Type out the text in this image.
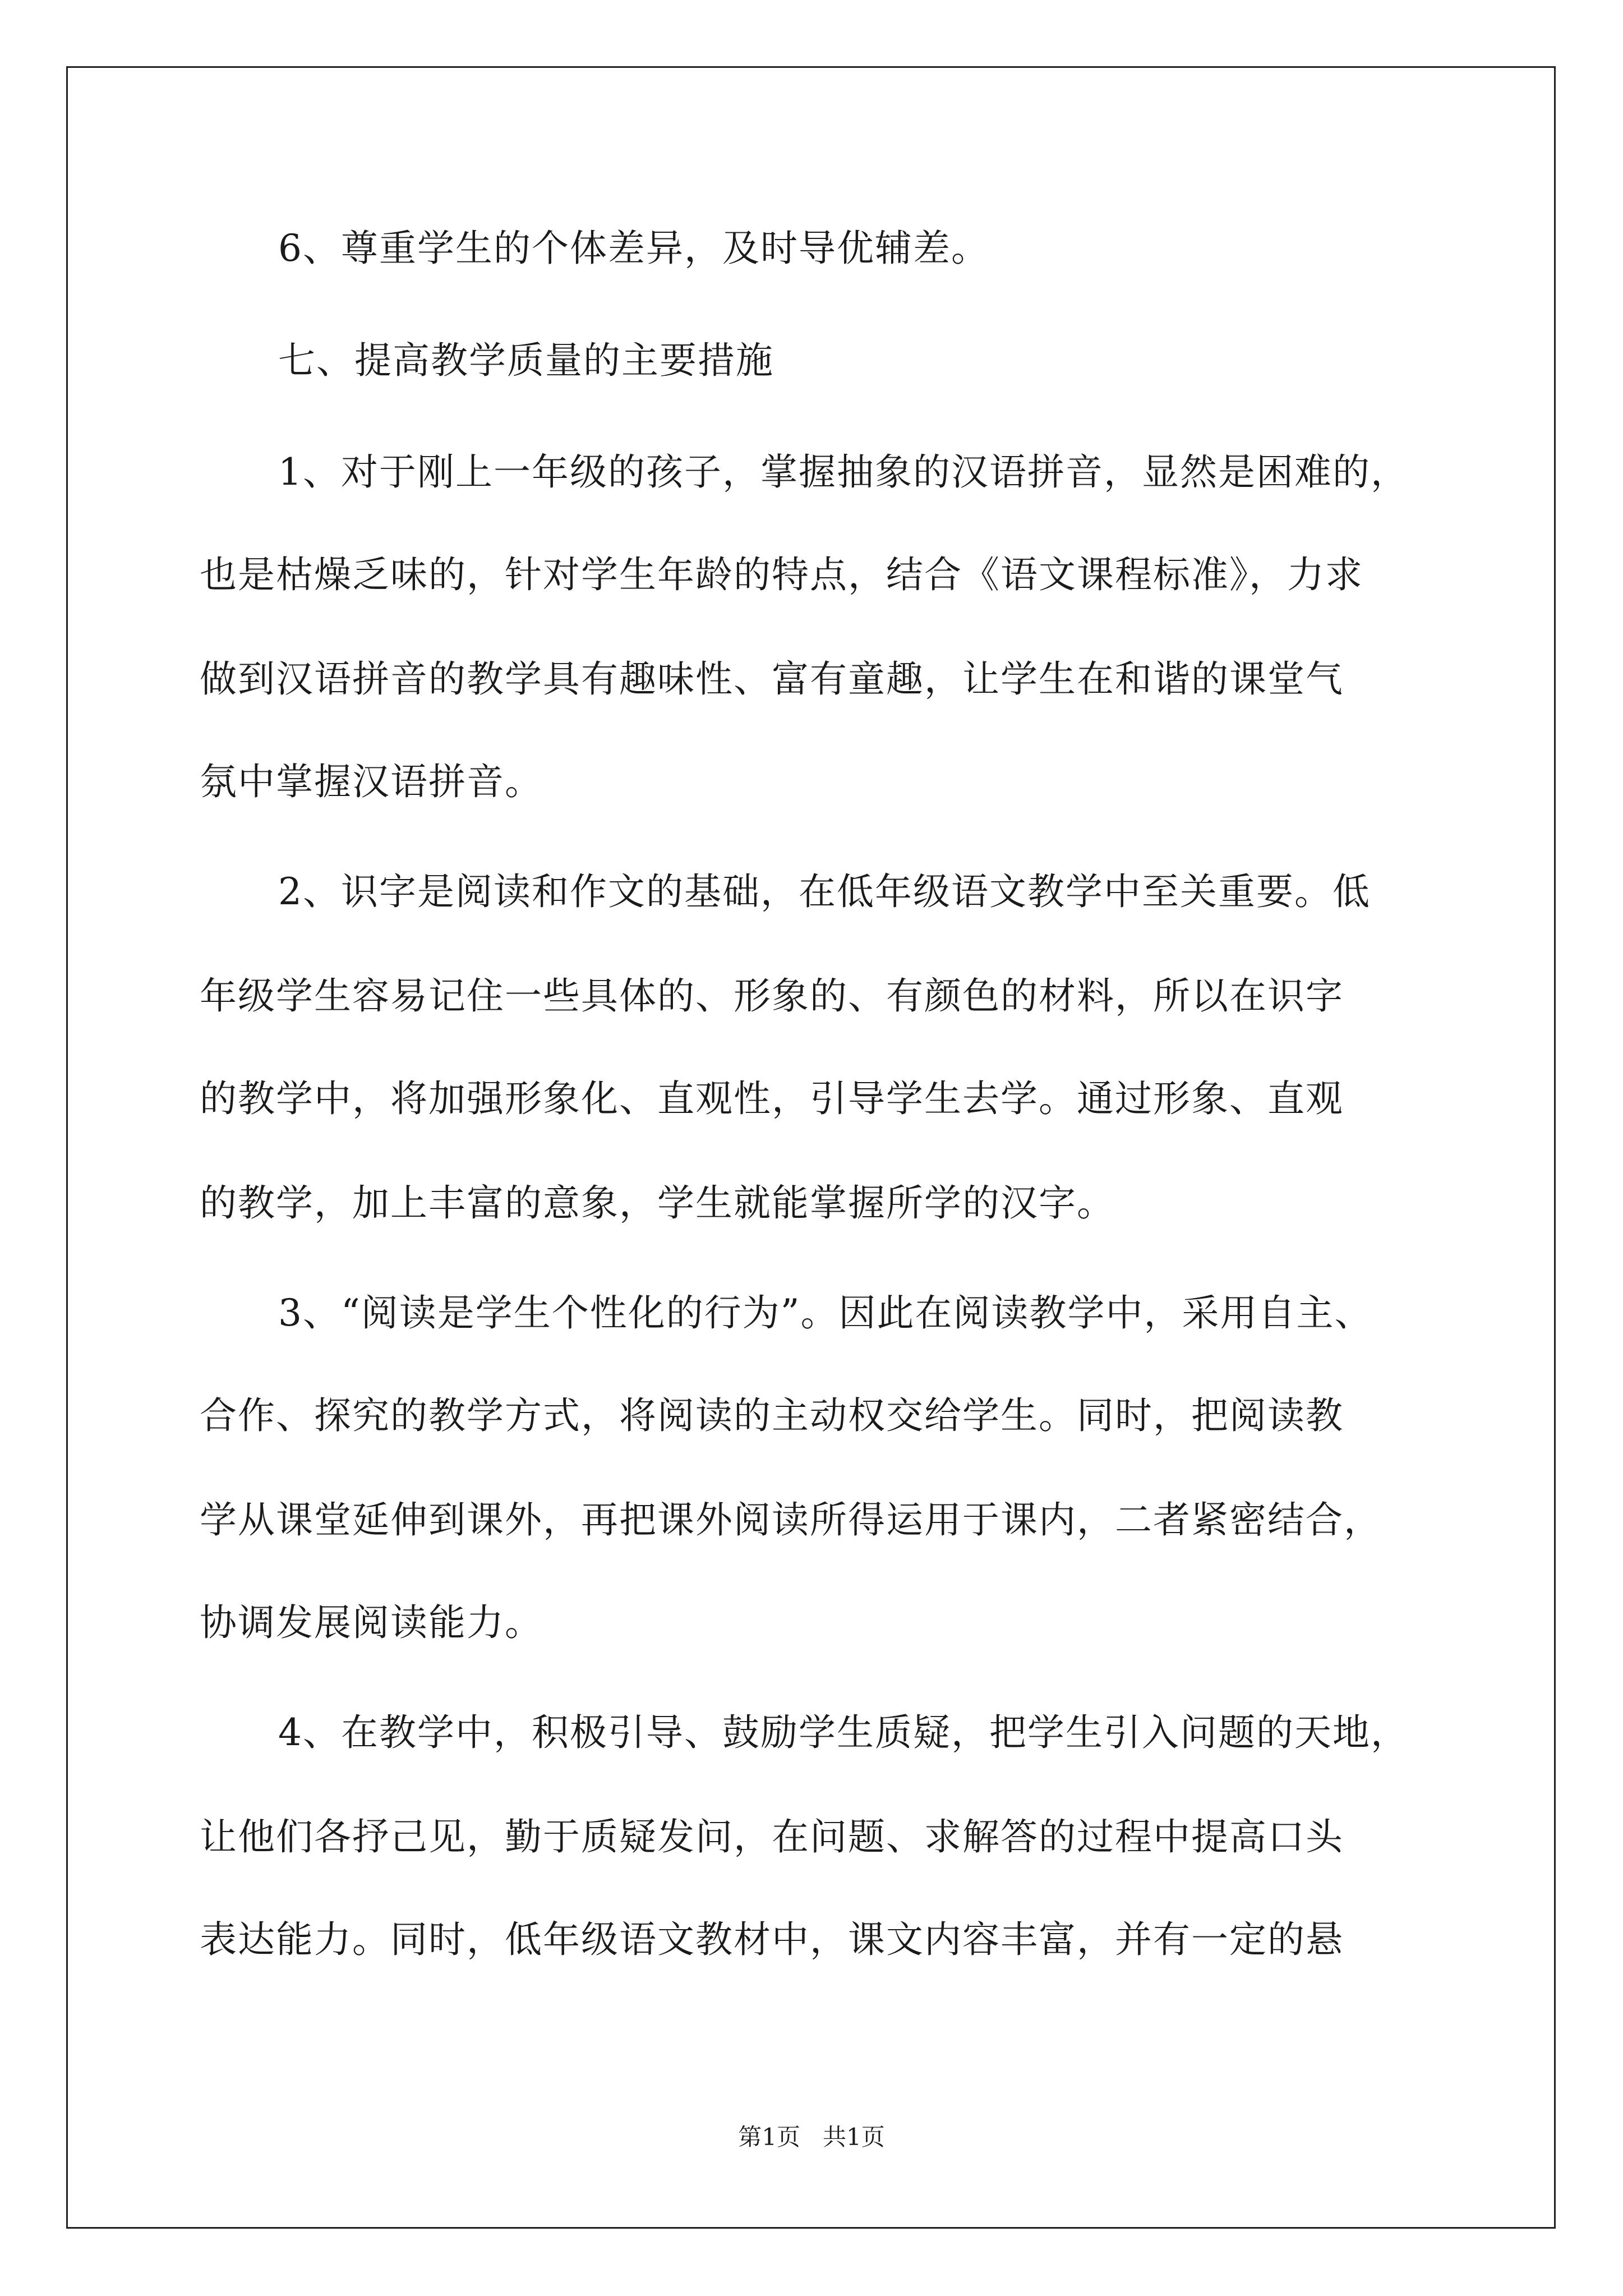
6、尊重学生的个体差异，及时导优辅差。

七、提高教学质量的主要措施

1、对于刚上一年级的孩子，掌握抽象的汉语拼音，显然是困难的，

也是枯燥乏味的，针对学生年龄的特点，结合《语文课程标准》，力求

做到汉语拼音的教学具有趣味性、富有童趣，让学生在和谐的课堂气

氛中掌握汉语拼音。

2、识字是阅读和作文的基础，在低年级语文教学中至关重要。低

年级学生容易记住一些具体的、形象的、有颜色的材料，所以在识字

的教学中，将加强形象化、直观性，引导学生去学。通过形象、直观

的教学，加上丰富的意象，学生就能掌握所学的汉字。

3、“阅读是学生个性化的行为”。因此在阅读教学中，采用自主、

合作、探究的教学方式，将阅读的主动权交给学生。同时，把阅读教

学从课堂延伸到课外，再把课外阅读所得运用于课内，二者紧密结合，

协调发展阅读能力。

4、在教学中，积极引导、鼓励学生质疑，把学生引入问题的天地，

让他们各抒己见，勤于质疑发问，在问题、求解答的过程中提高口头

表达能力。同时，低年级语文教材中，课文内容丰富，并有一定的悬

第1页   共1页
